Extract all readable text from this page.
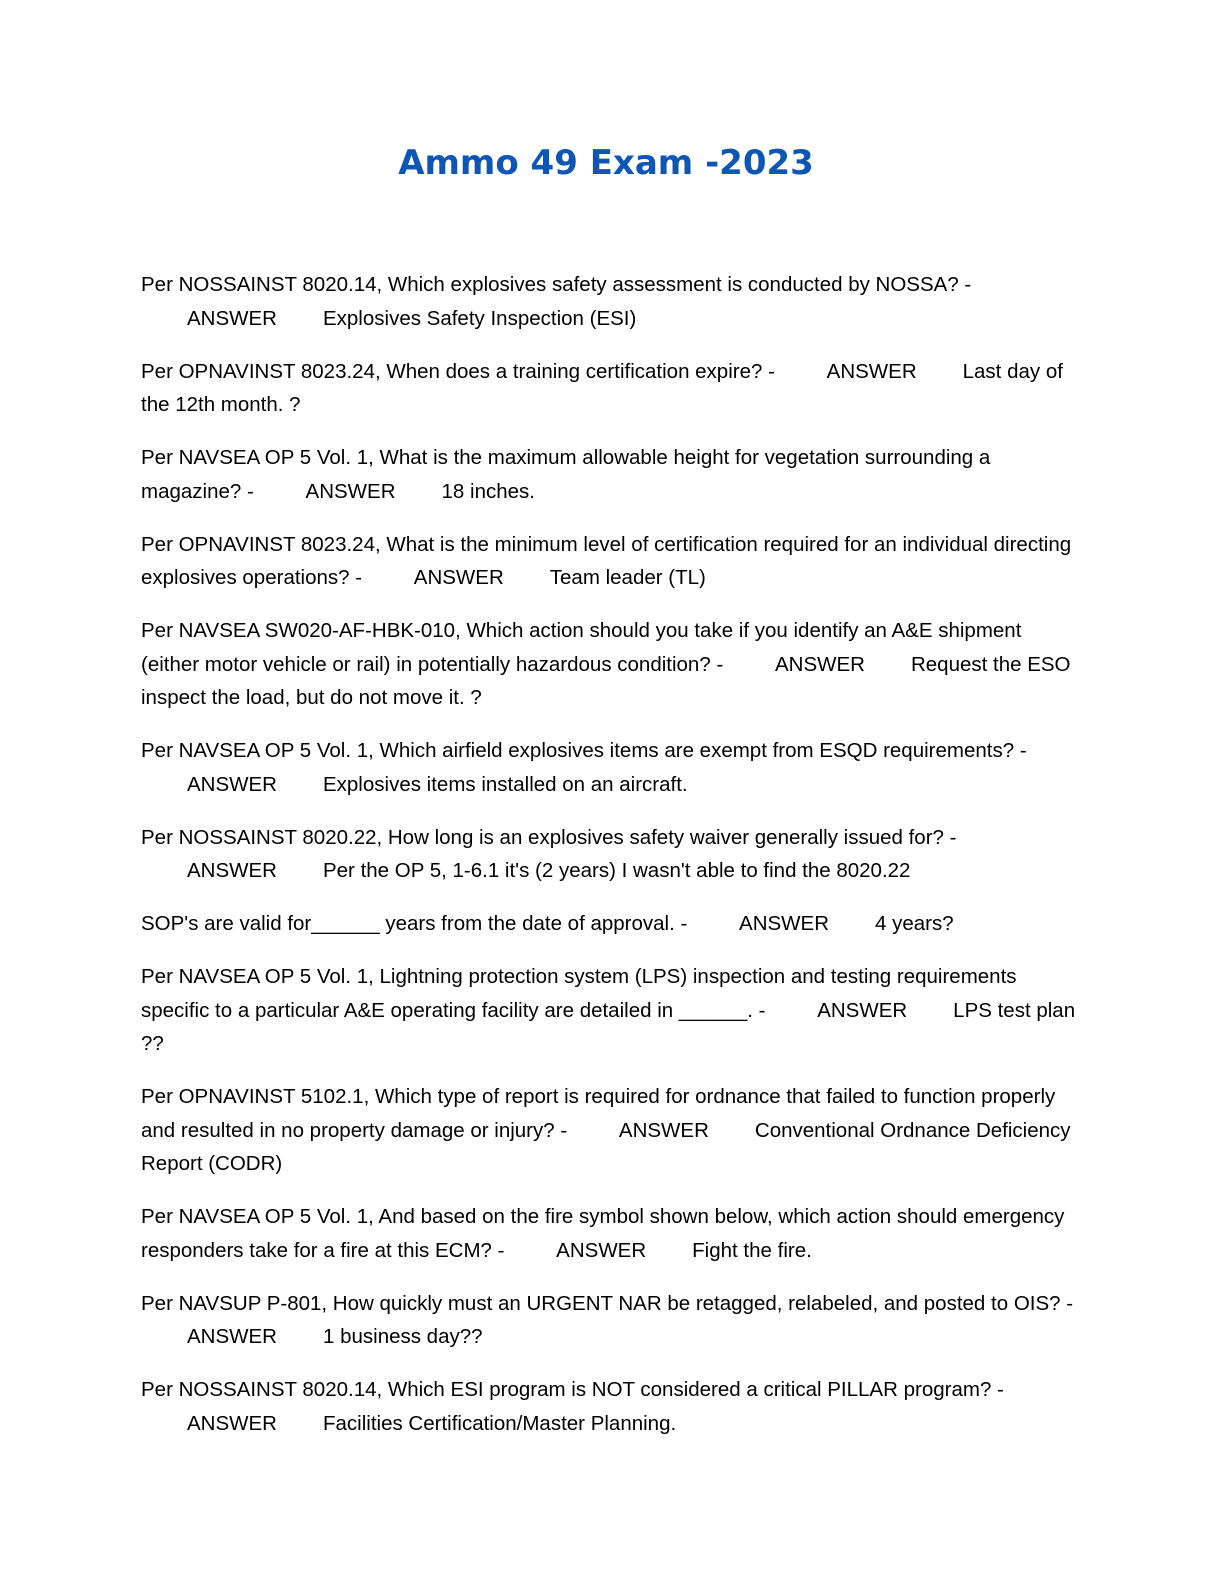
Ammo 49 Exam -2023

Per NOSSAINST 8020.14, Which explosives safety assessment is conducted by NOSSA? - ANSWER Explosives Safety Inspection (ESI)

Per OPNAVINST 8023.24, When does a training certification expire? -	ANSWER Last day of the 12th month. ?

Per NAVSEA OP 5 Vol. 1, What is the maximum allowable height for vegetation surrounding a magazine? -	ANSWER 18 inches.

Per OPNAVINST 8023.24, What is the minimum level of certification required for an individual directing explosives operations? -	ANSWER Team leader (TL)

Per NAVSEA SW020-AF-HBK-010, Which action should you take if you identify an A&E shipment (either motor vehicle or rail) in potentially hazardous condition? -	ANSWER Request the ESO inspect the load, but do not move it. ?

Per NAVSEA OP 5 Vol. 1, Which airfield explosives items are exempt from ESQD requirements? - ANSWER Explosives items installed on an aircraft.

Per NOSSAINST 8020.22, How long is an explosives safety waiver generally issued for? - ANSWER Per the OP 5, 1-6.1 it's (2 years) I wasn't able to find the 8020.22

SOP's are valid for______ years from the date of approval. -	ANSWER 4 years?

Per NAVSEA OP 5 Vol. 1, Lightning protection system (LPS) inspection and testing requirements specific to a particular A&E operating facility are detailed in ______. -	ANSWER LPS test plan ??

Per OPNAVINST 5102.1, Which type of report is required for ordnance that failed to function properly and resulted in no property damage or injury? -	ANSWER Conventional Ordnance Deficiency Report (CODR)

Per NAVSEA OP 5 Vol. 1, And based on the fire symbol shown below, which action should emergency responders take for a fire at this ECM? -	ANSWER Fight the fire.

Per NAVSUP P-801, How quickly must an URGENT NAR be retagged, relabeled, and posted to OIS? - ANSWER 1 business day??

Per NOSSAINST 8020.14, Which ESI program is NOT considered a critical PILLAR program? - ANSWER Facilities Certification/Master Planning.
